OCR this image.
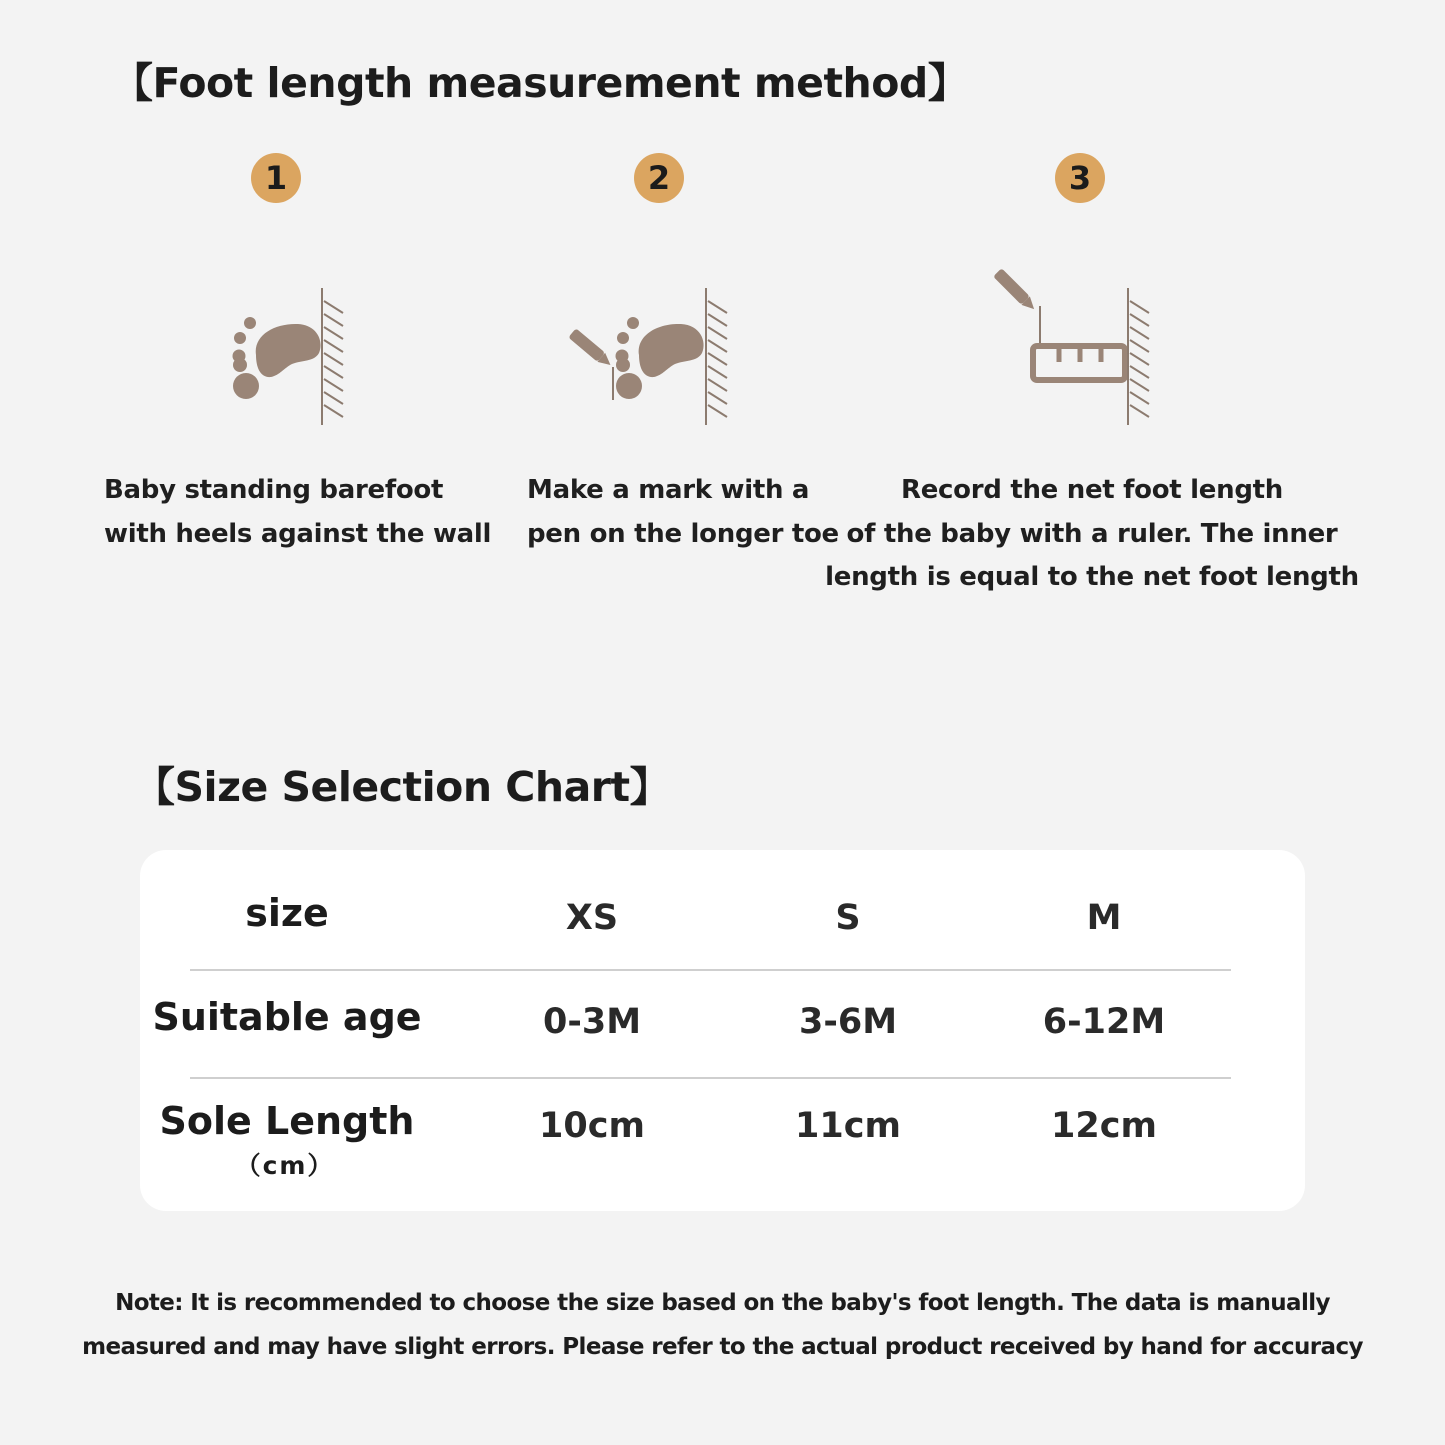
【Foot length measurement method】
1
Baby standing barefoot
with heels against the wall
2
Make a mark with a
pen on the longer toe
3
Record the net foot length
of the baby with a ruler. The inner
length is equal to the net foot length
【Size Selection Chart】
size	XS	S	M
Suitable age	0-3M	3-6M	6-12M
Sole Length
（cm）
10cm	11cm	12cm
Note: It is recommended to choose the size based on the baby's foot length. The data is manually
measured and may have slight errors. Please refer to the actual product received by hand for accuracy
